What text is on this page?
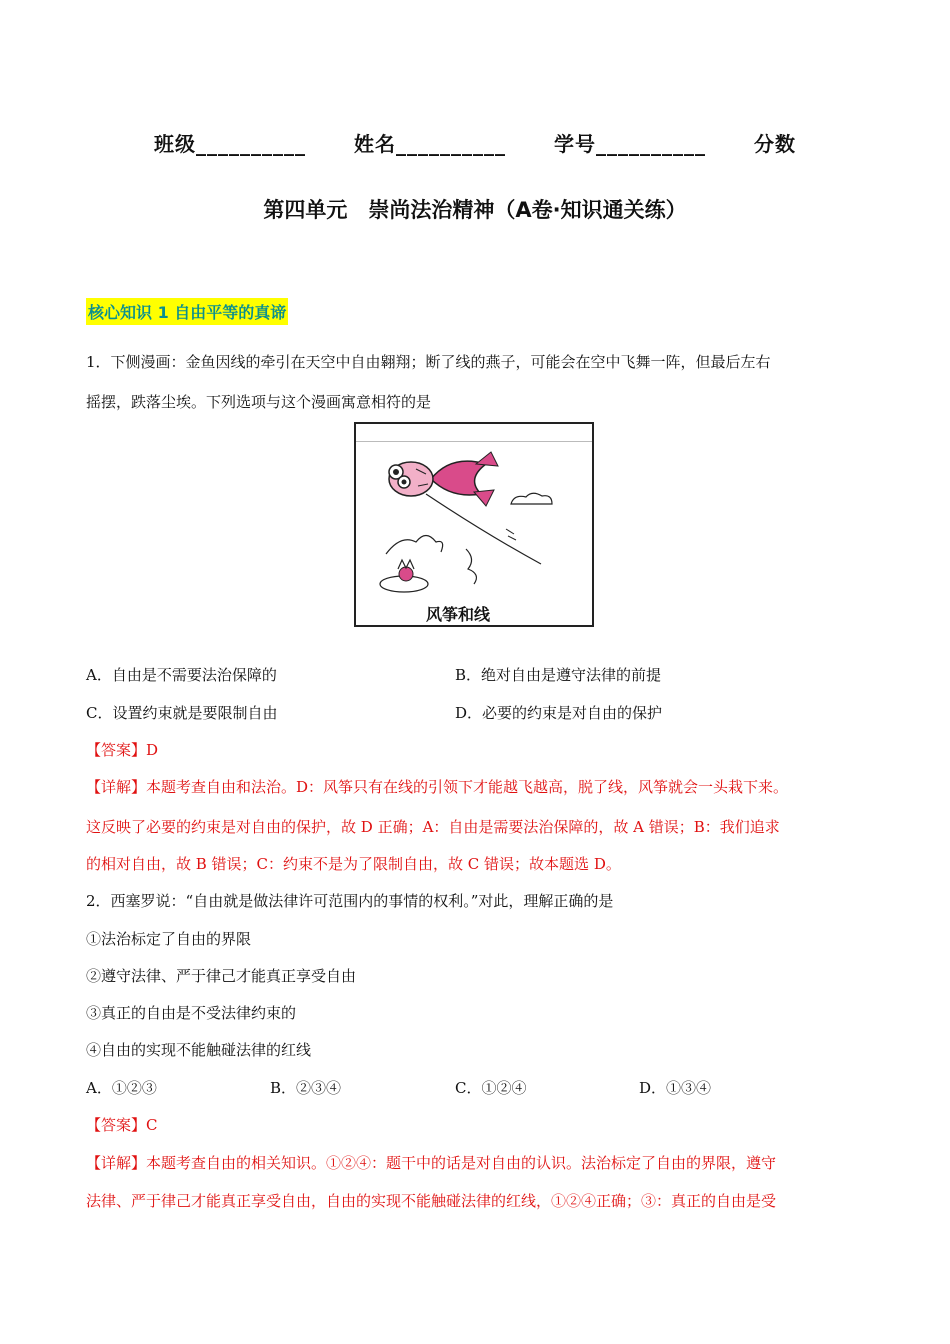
班级__________ 姓名__________ 学号__________ 分数
第四单元　崇尚法治精神（A卷·知识通关练）
核心知识 1 自由平等的真谛
1．下侧漫画：金鱼因线的牵引在天空中自由翱翔；断了线的燕子，可能会在空中飞舞一阵，但最后左右
摇摆，跌落尘埃。下列选项与这个漫画寓意相符的是
风筝和线
A．自由是不需要法治保障的	B．绝对自由是遵守法律的前提
C．设置约束就是要限制自由	D．必要的约束是对自由的保护
【答案】D
【详解】本题考查自由和法治。D：风筝只有在线的引领下才能越飞越高，脱了线，风筝就会一头栽下来。
这反映了必要的约束是对自由的保护，故 D 正确；A：自由是需要法治保障的，故 A 错误；B：我们追求
的相对自由，故 B 错误；C：约束不是为了限制自由，故 C 错误；故本题选 D。
2．西塞罗说：“自由就是做法律许可范围内的事情的权利。”对此，理解正确的是
①法治标定了自由的界限
②遵守法律、严于律己才能真正享受自由
③真正的自由是不受法律约束的
④自由的实现不能触碰法律的红线
A．①②③	B．②③④	C．①②④	D．①③④
【答案】C
【详解】本题考查自由的相关知识。①②④：题干中的话是对自由的认识。法治标定了自由的界限，遵守
法律、严于律己才能真正享受自由，自由的实现不能触碰法律的红线，①②④正确；③：真正的自由是受
